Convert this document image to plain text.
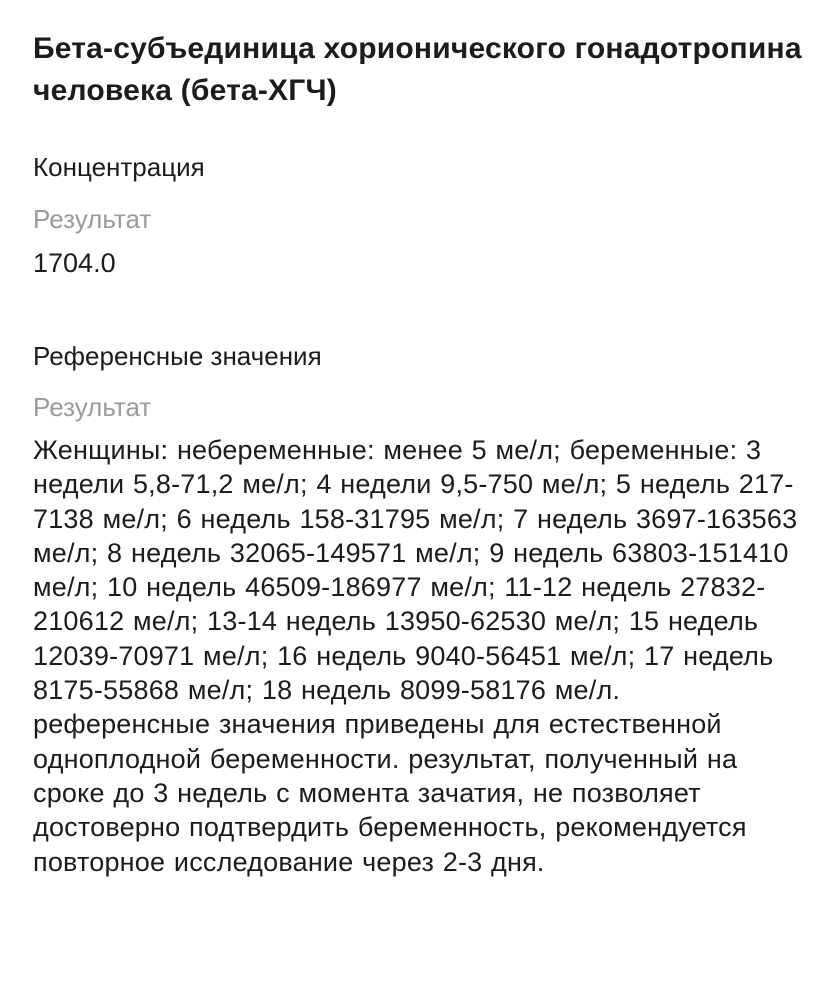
Бета-субъединица хорионического гонадотропина человека (бета-ХГЧ)
Концентрация

Результат

1704.0

Референсные значения

Результат

Женщины: небеременные: менее 5 ме/л; беременные: 3 недели 5,8-71,2 ме/л; 4 недели 9,5-750 ме/л; 5 недель 217-7138 ме/л; 6 недель 158-31795 ме/л; 7 недель 3697-163563 ме/л; 8 недель 32065-149571 ме/л; 9 недель 63803-151410 ме/л; 10 недель 46509-186977 ме/л; 11-12 недель 27832-210612 ме/л; 13-14 недель 13950-62530 ме/л; 15 недель 12039-70971 ме/л; 16 недель 9040-56451 ме/л; 17 недель 8175-55868 ме/л; 18 недель 8099-58176 ме/л. референсные значения приведены для естественной одноплодной беременности. результат, полученный на сроке до 3 недель с момента зачатия, не позволяет достоверно подтвердить беременность, рекомендуется повторное исследование через 2-3 дня.
